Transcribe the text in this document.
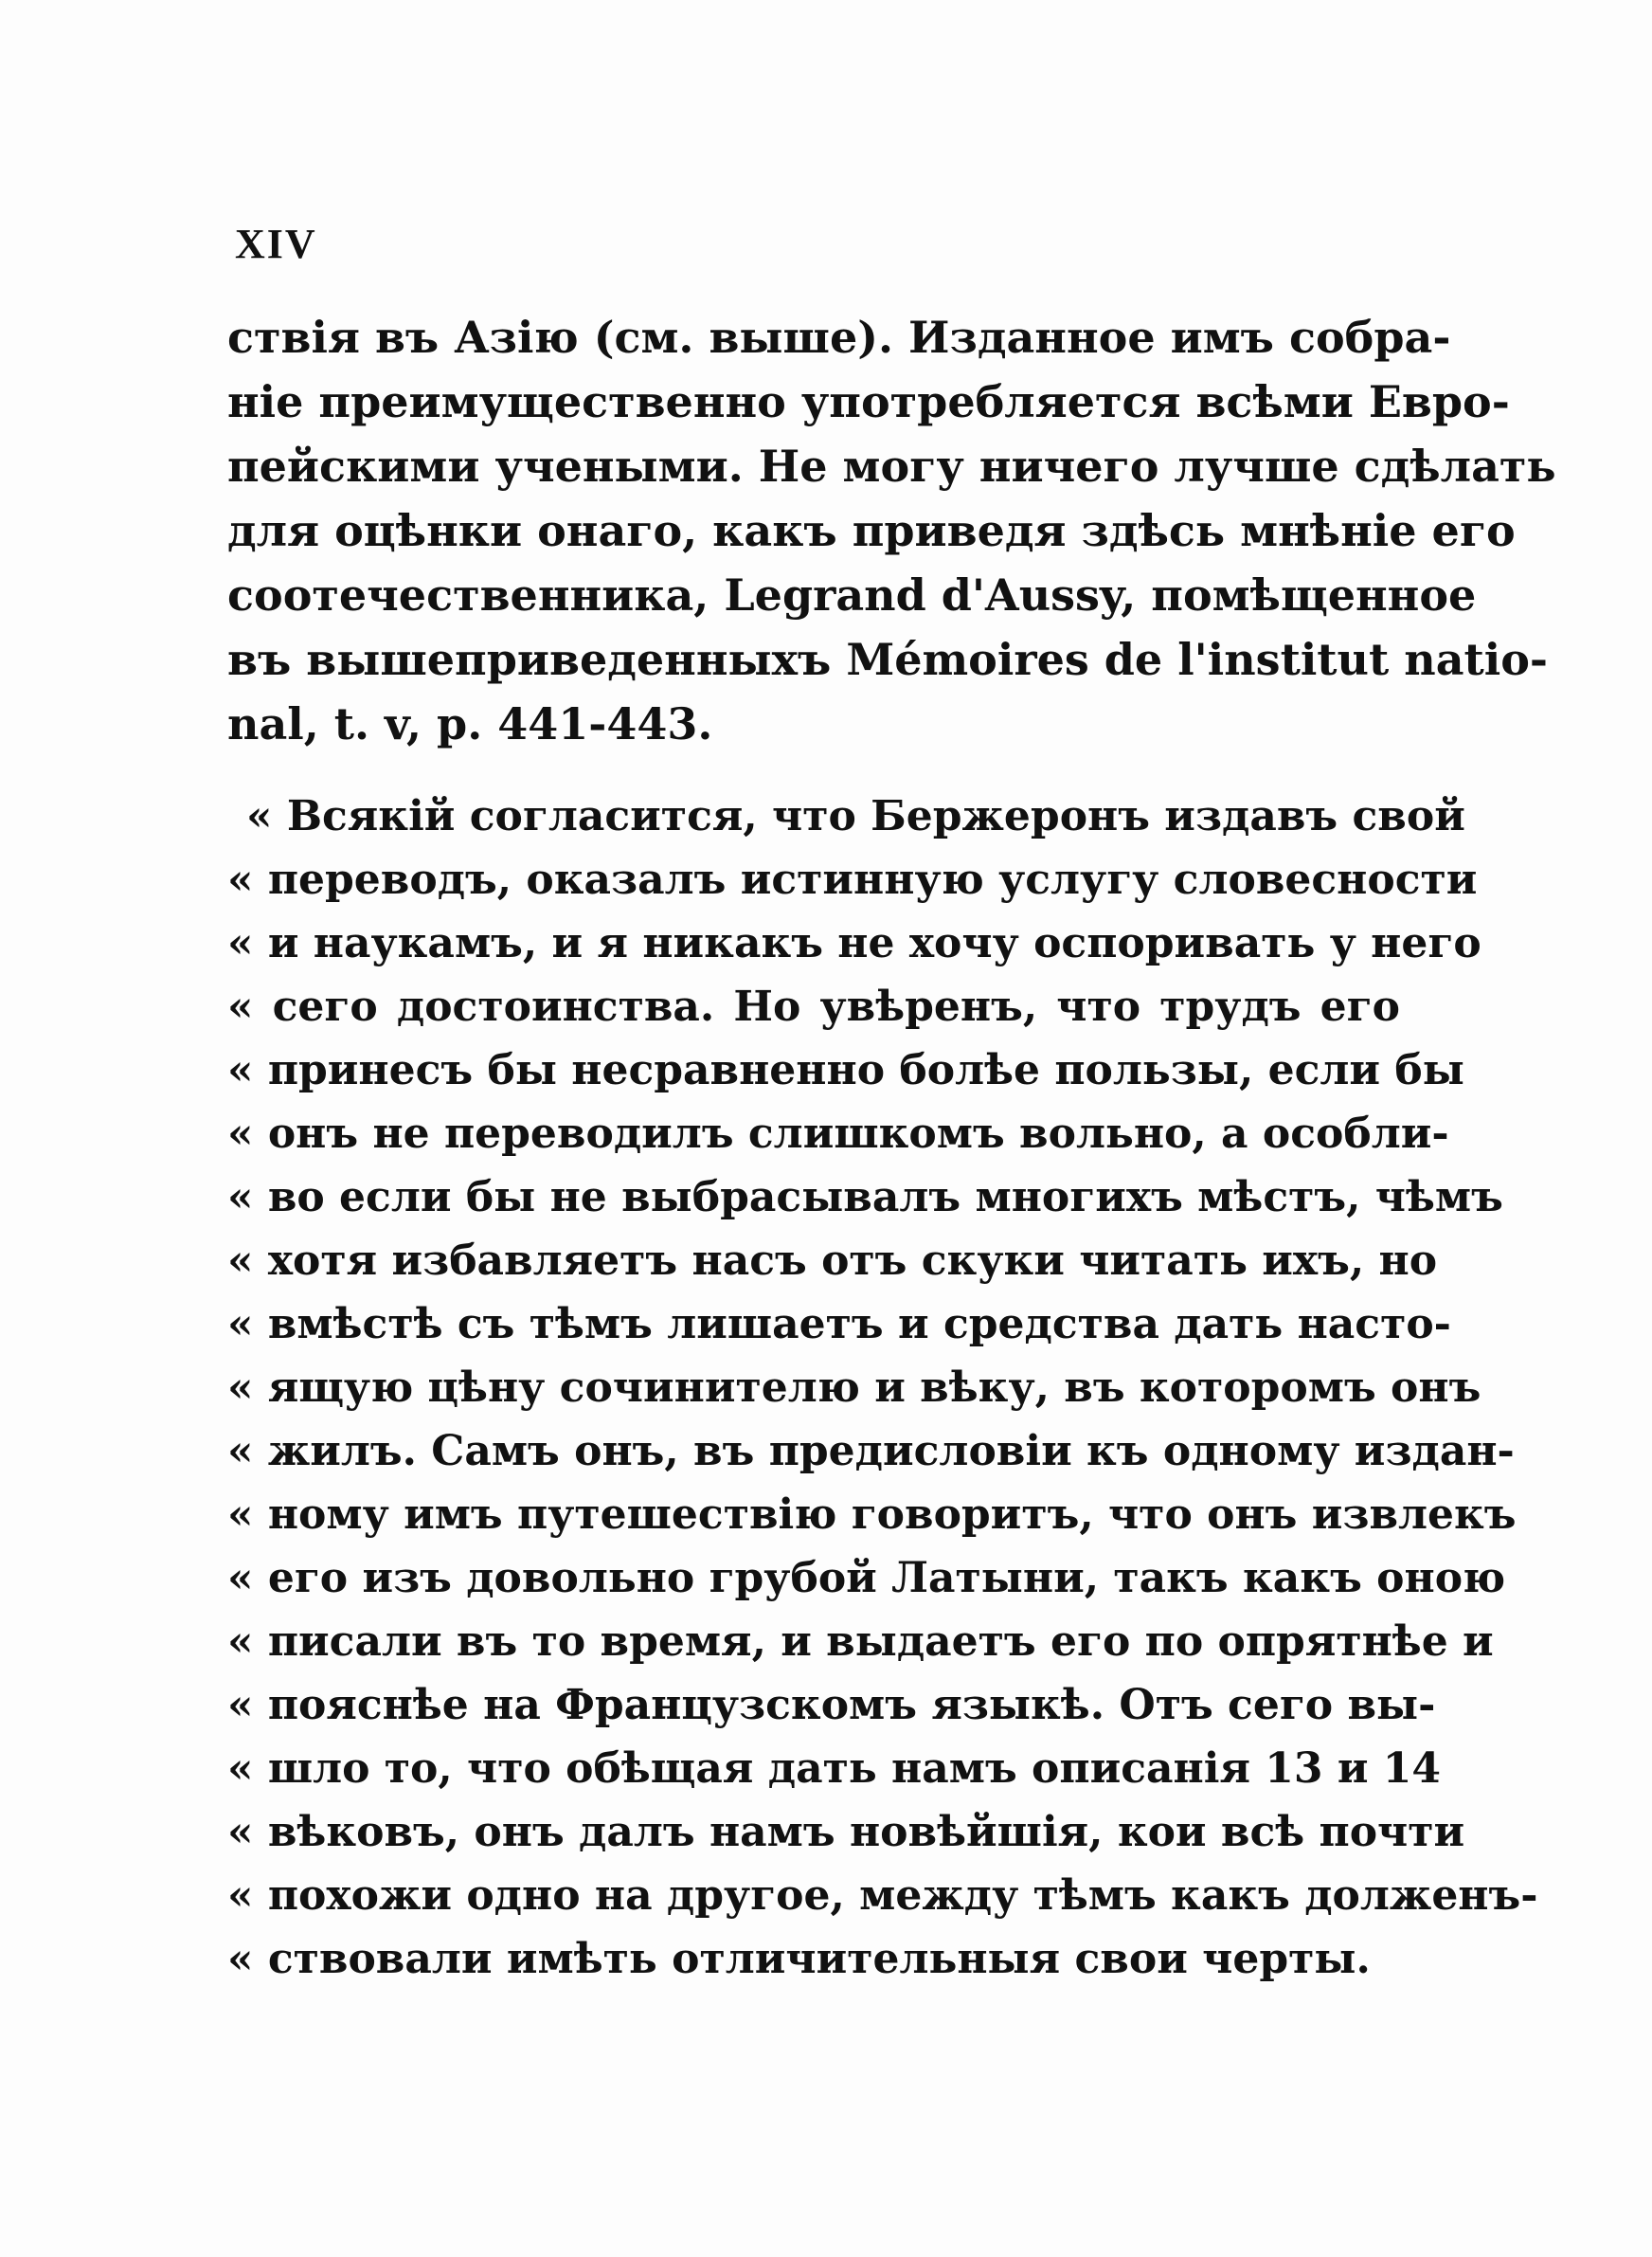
XIV
ствія въ Азію (см. выше). Изданное имъ собра-
ніе преимущественно употребляется всѣми Евро-
пейскими учеными. Не могу ничего лучше сдѣлать
для оцѣнки онаго, какъ приведя здѣсь мнѣніе его
соотечественника, Legrand d'Aussy, помѣщенное
въ вышеприведенныхъ Mémoires de l'institut natio-
nal, t. v, p. 441-443.
« Всякій согласится, что Бержеронъ издавъ свой
« переводъ, оказалъ истинную услугу словесности
« и наукамъ, и я никакъ не хочу оспоривать у него
« сего достоинства. Но увѣренъ, что трудъ его
« принесъ бы несравненно болѣе пользы, если бы
« онъ не переводилъ слишкомъ вольно, а особли-
« во если бы не выбрасывалъ многихъ мѣстъ, чѣмъ
« хотя избавляетъ насъ отъ скуки читать ихъ, но
« вмѣстѣ съ тѣмъ лишаетъ и средства дать насто-
« ящую цѣну сочинителю и вѣку, въ которомъ онъ
« жилъ. Самъ онъ, въ предисловіи къ одному издан-
« ному имъ путешествію говоритъ, что онъ извлекъ
« его изъ довольно грубой Латыни, такъ какъ оною
« писали въ то время, и выдаетъ его по опрятнѣе и
« пояснѣе на Французскомъ языкѣ. Отъ сего вы-
« шло то, что обѣщая дать намъ описанія 13 и 14
« вѣковъ, онъ далъ намъ новѣйшія, кои всѣ почти
« похожи одно на другое, между тѣмъ какъ долженъ-
« ствовали имѣть отличительныя свои черты.
